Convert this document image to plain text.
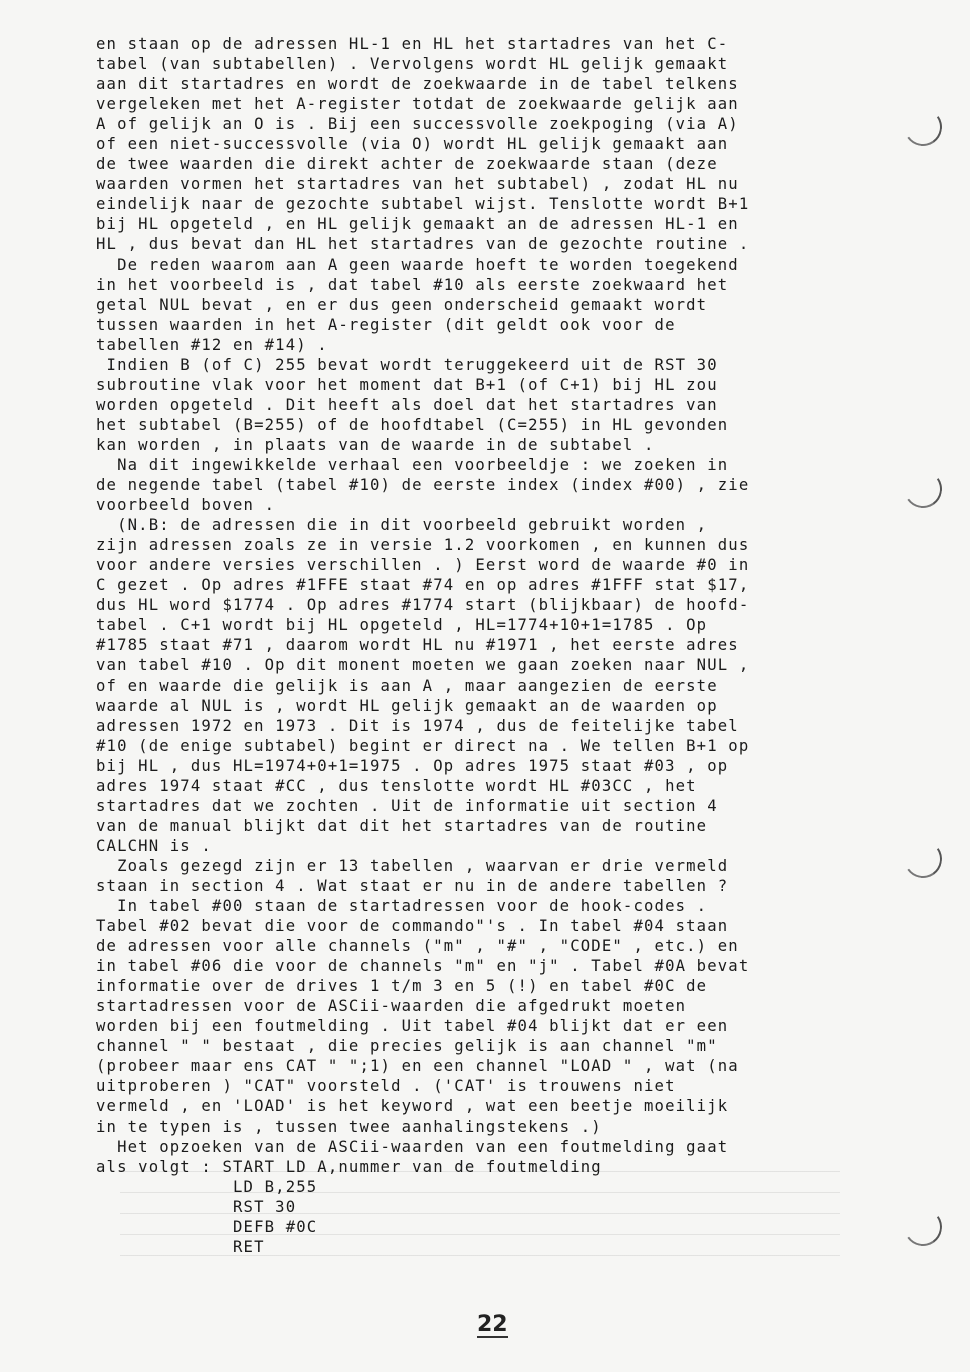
en staan op de adressen HL-1 en HL het startadres van het C-
tabel (van subtabellen) . Vervolgens wordt HL gelijk gemaakt
aan dit startadres en wordt de zoekwaarde in de tabel telkens
vergeleken met het A-register totdat de zoekwaarde gelijk aan
A of gelijk an O is . Bij een successvolle zoekpoging (via A)
of een niet-successvolle (via O) wordt HL gelijk gemaakt aan
de twee waarden die direkt achter de zoekwaarde staan (deze
waarden vormen het startadres van het subtabel) , zodat HL nu
eindelijk naar de gezochte subtabel wijst. Tenslotte wordt B+1
bij HL opgeteld , en HL gelijk gemaakt an de adressen HL-1 en
HL , dus bevat dan HL het startadres van de gezochte routine .
De reden waarom aan A geen waarde hoeft te worden toegekend
in het voorbeeld is , dat tabel #10 als eerste zoekwaard het
getal NUL bevat , en er dus geen onderscheid gemaakt wordt
tussen waarden in het A-register (dit geldt ook voor de
tabellen #12 en #14) .
Indien B (of C) 255 bevat wordt teruggekeerd uit de RST 30
subroutine vlak voor het moment dat B+1 (of C+1) bij HL zou
worden opgeteld . Dit heeft als doel dat het startadres van
het subtabel (B=255) of de hoofdtabel (C=255) in HL gevonden
kan worden , in plaats van de waarde in de subtabel .
Na dit ingewikkelde verhaal een voorbeeldje : we zoeken in
de negende tabel (tabel #10) de eerste index (index #00) , zie
voorbeeld boven .
(N.B: de adressen die in dit voorbeeld gebruikt worden ,
zijn adressen zoals ze in versie 1.2 voorkomen , en kunnen dus
voor andere versies verschillen . ) Eerst word de waarde #0 in
C gezet . Op adres #1FFE staat #74 en op adres #1FFF stat $17,
dus HL word $1774 . Op adres #1774 start (blijkbaar) de hoofd-
tabel . C+1 wordt bij HL opgeteld , HL=1774+10+1=1785 . Op
#1785 staat #71 , daarom wordt HL nu #1971 , het eerste adres
van tabel #10 . Op dit monent moeten we gaan zoeken naar NUL ,
of en waarde die gelijk is aan A , maar aangezien de eerste
waarde al NUL is , wordt HL gelijk gemaakt an de waarden op
adressen 1972 en 1973 . Dit is 1974 , dus de feitelijke tabel
#10 (de enige subtabel) begint er direct na . We tellen B+1 op
bij HL , dus HL=1974+0+1=1975 . Op adres 1975 staat #03 , op
adres 1974 staat #CC , dus tenslotte wordt HL #03CC , het
startadres dat we zochten . Uit de informatie uit section 4
van de manual blijkt dat dit het startadres van de routine
CALCHN is .
Zoals gezegd zijn er 13 tabellen , waarvan er drie vermeld
staan in section 4 . Wat staat er nu in de andere tabellen ?
In tabel #00 staan de startadressen voor de hook-codes .
Tabel #02 bevat die voor de commando"'s . In tabel #04 staan
de adressen voor alle channels ("m" , "#" , "CODE" , etc.) en
in tabel #06 die voor de channels "m" en "j" . Tabel #0A bevat
informatie over de drives 1 t/m 3 en 5 (!) en tabel #0C de
startadressen voor de ASCii-waarden die afgedrukt moeten
worden bij een foutmelding . Uit tabel #04 blijkt dat er een
channel " " bestaat , die precies gelijk is aan channel "m"
(probeer maar ens CAT " ";1) en een channel "LOAD " , wat (na
uitproberen ) "CAT" voorsteld . ('CAT' is trouwens niet
vermeld , en 'LOAD' is het keyword , wat een beetje moeilijk
in te typen is , tussen twee aanhalingstekens .)
Het opzoeken van de ASCii-waarden van een foutmelding gaat
als volgt : START LD A,nummer van de foutmelding
LD B,255
RST 30
DEFB #0C
RET
22
